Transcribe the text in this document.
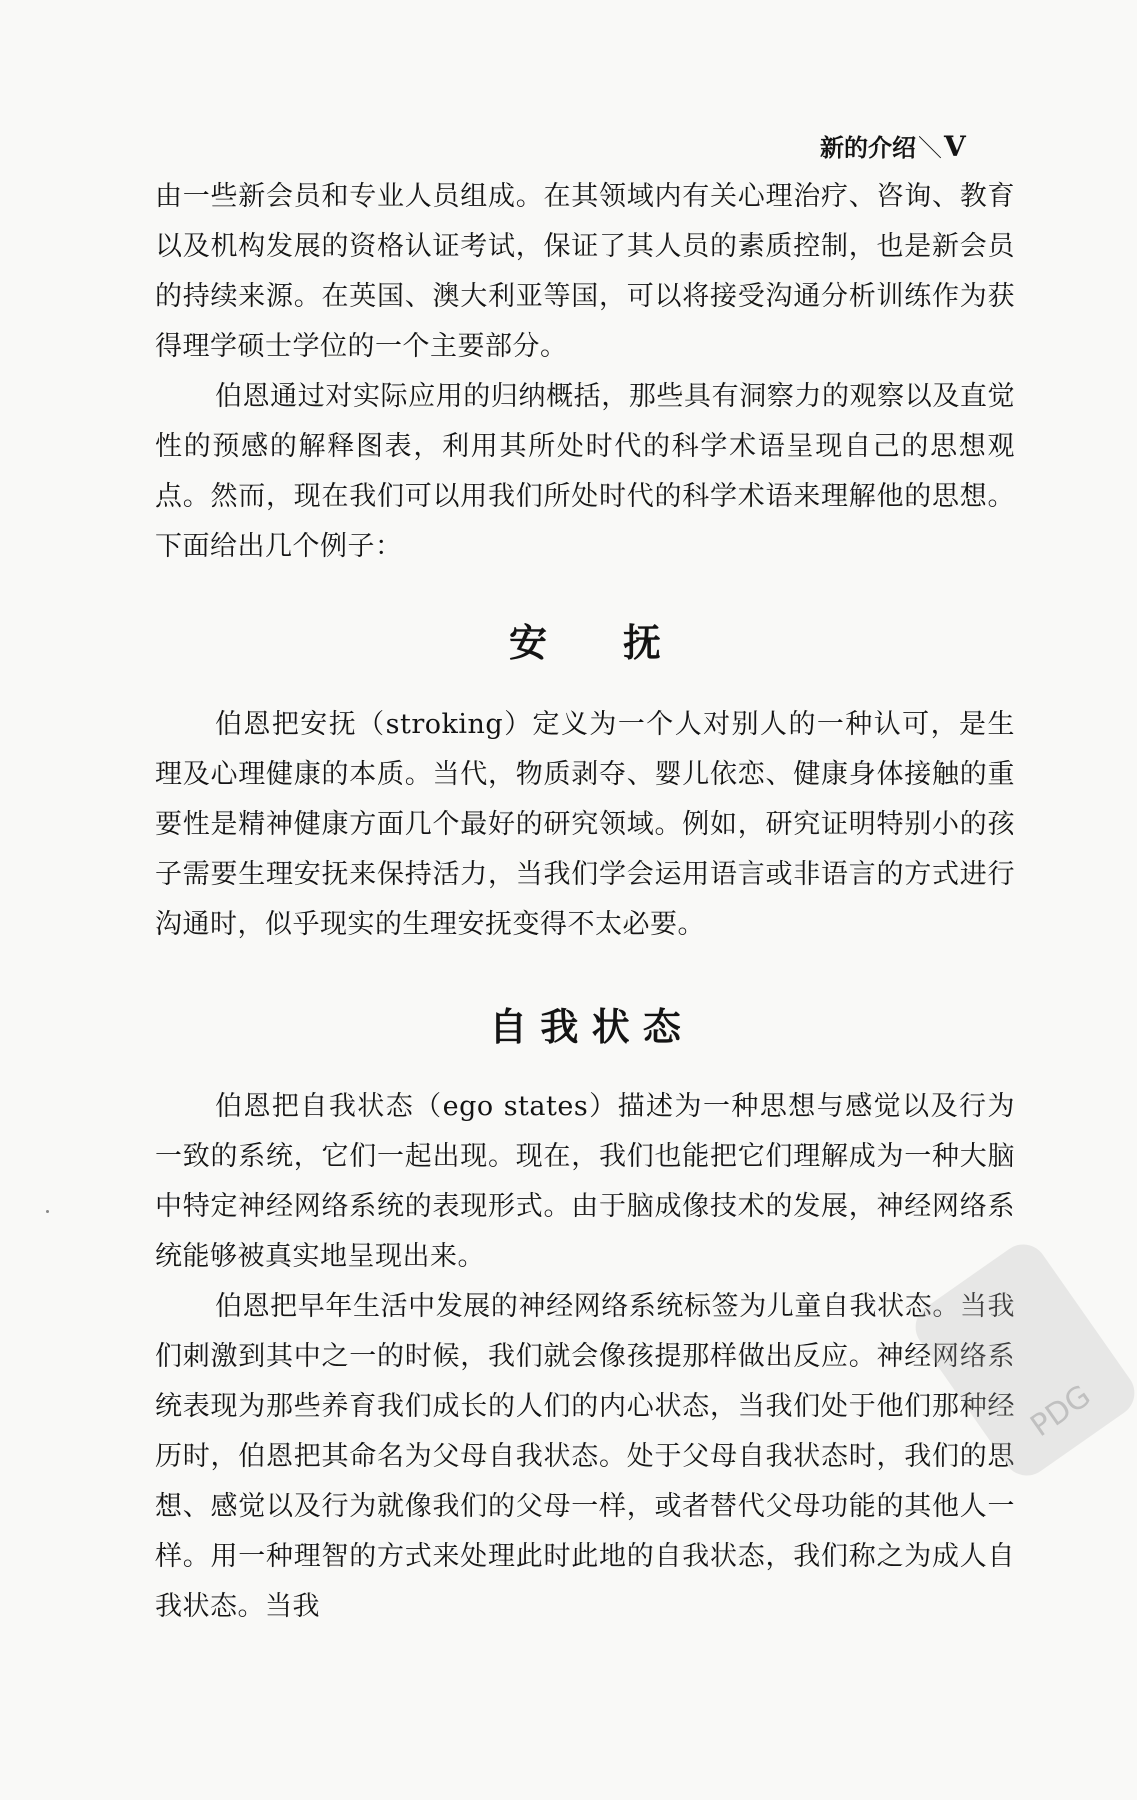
新的介绍＼V
由一些新会员和专业人员组成。在其领域内有关心理治疗、咨询、教育以及机构发展的资格认证考试，保证了其人员的素质控制，也是新会员的持续来源。在英国、澳大利亚等国，可以将接受沟通分析训练作为获得理学硕士学位的一个主要部分。
伯恩通过对实际应用的归纳概括，那些具有洞察力的观察以及直觉性的预感的解释图表，利用其所处时代的科学术语呈现自己的思想观点。然而，现在我们可以用我们所处时代的科学术语来理解他的思想。下面给出几个例子：
安　　抚
伯恩把安抚（stroking）定义为一个人对别人的一种认可，是生理及心理健康的本质。当代，物质剥夺、婴儿依恋、健康身体接触的重要性是精神健康方面几个最好的研究领域。例如，研究证明特别小的孩子需要生理安抚来保持活力，当我们学会运用语言或非语言的方式进行沟通时，似乎现实的生理安抚变得不太必要。
自 我 状 态
伯恩把自我状态（ego states）描述为一种思想与感觉以及行为一致的系统，它们一起出现。现在，我们也能把它们理解成为一种大脑中特定神经网络系统的表现形式。由于脑成像技术的发展，神经网络系统能够被真实地呈现出来。
伯恩把早年生活中发展的神经网络系统标签为儿童自我状态。当我们刺激到其中之一的时候，我们就会像孩提那样做出反应。神经网络系统表现为那些养育我们成长的人们的内心状态，当我们处于他们那种经历时，伯恩把其命名为父母自我状态。处于父母自我状态时，我们的思想、感觉以及行为就像我们的父母一样，或者替代父母功能的其他人一样。用一种理智的方式来处理此时此地的自我状态，我们称之为成人自我状态。当我
PDG
